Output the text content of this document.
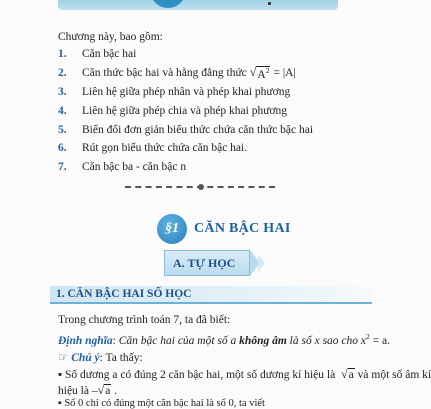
Chương này, bao gồm:
1.	Căn bậc hai
2.	Căn thức bậc hai và hằng đẳng thức √ $A^2 = |A|$
3.	Liên hệ giữa phép nhân và phép khai phương
4.	Liên hệ giữa phép chia và phép khai phương
5.	Biến đổi đơn giản biểu thức chứa căn thức bậc hai
6.	Rút gọn biểu thức chứa căn bậc hai.
7.	Căn bậc ba - căn bậc n
§1	CĂN BẬC HAI
A. TỰ HỌC
1. CĂN BẬC HAI SỐ HỌC
Trong chương trình toán 7, ta đã biết:
Định nghĩa: Căn bậc hai của một số a không âm là số x sao cho $x^2 = a$.
☞ Chú ý: Ta thấy:
▪ Số dương a có đúng 2 căn bậc hai, một số dương kí hiệu là √ a và một số âm kí
hiệu là – √ a .
▪ Số 0 chỉ có đúng một căn bậc hai là số 0, ta viết
